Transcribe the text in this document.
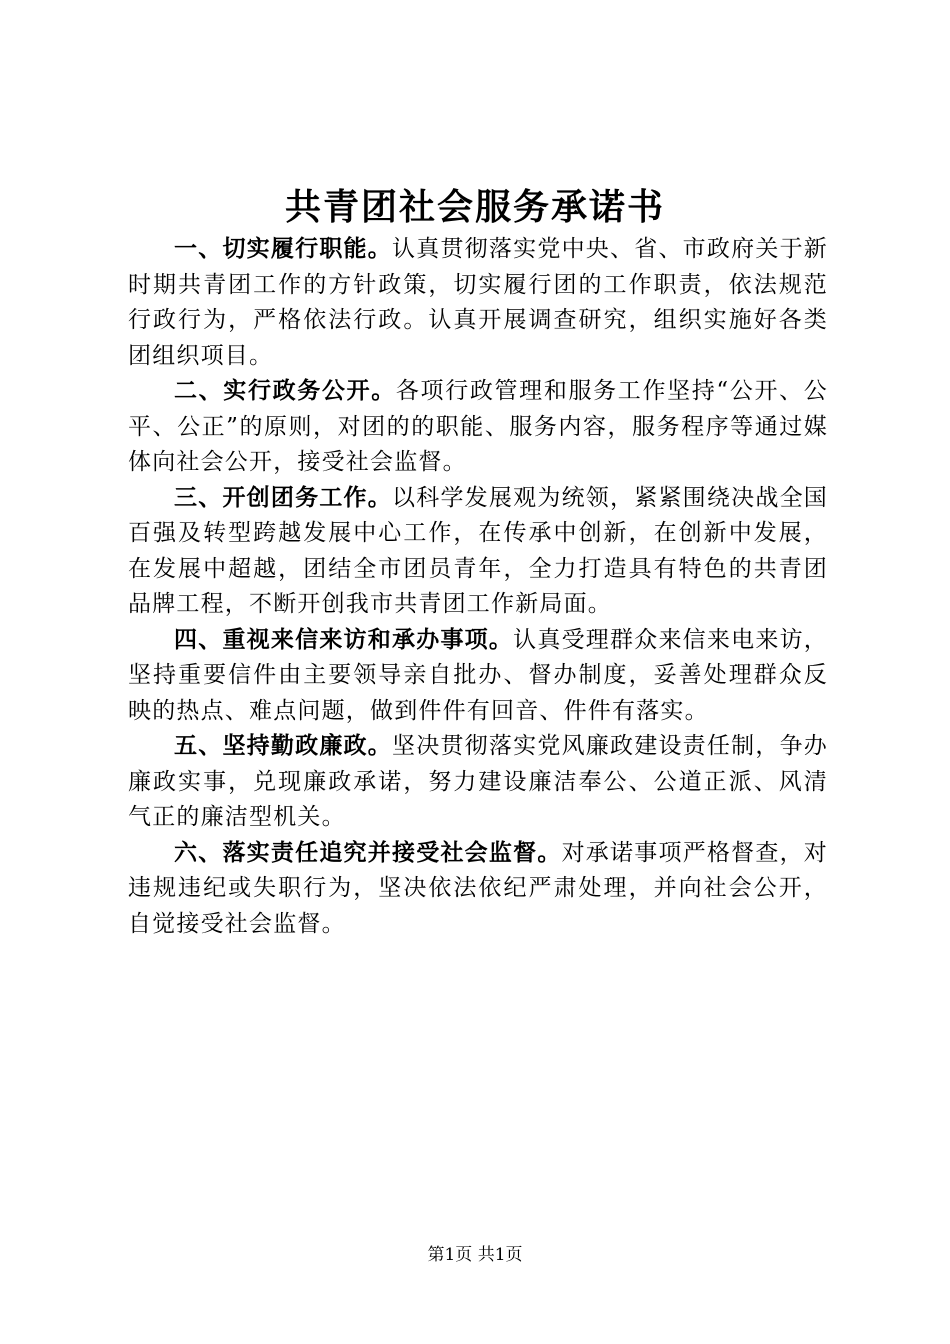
共青团社会服务承诺书

一、切实履行职能。认真贯彻落实党中央、省、市政府关于新时期共青团工作的方针政策，切实履行团的工作职责，依法规范行政行为，严格依法行政。认真开展调查研究，组织实施好各类团组织项目。

二、实行政务公开。各项行政管理和服务工作坚持“公开、公平、公正”的原则，对团的的职能、服务内容，服务程序等通过媒体向社会公开，接受社会监督。

三、开创团务工作。以科学发展观为统领，紧紧围绕决战全国百强及转型跨越发展中心工作，在传承中创新，在创新中发展，在发展中超越，团结全市团员青年，全力打造具有特色的共青团品牌工程，不断开创我市共青团工作新局面。

四、重视来信来访和承办事项。认真受理群众来信来电来访，坚持重要信件由主要领导亲自批办、督办制度，妥善处理群众反映的热点、难点问题，做到件件有回音、件件有落实。

五、坚持勤政廉政。坚决贯彻落实党风廉政建设责任制，争办廉政实事，兑现廉政承诺，努力建设廉洁奉公、公道正派、风清气正的廉洁型机关。

六、落实责任追究并接受社会监督。对承诺事项严格督查，对违规违纪或失职行为，坚决依法依纪严肃处理，并向社会公开，自觉接受社会监督。

第1页 共1页
